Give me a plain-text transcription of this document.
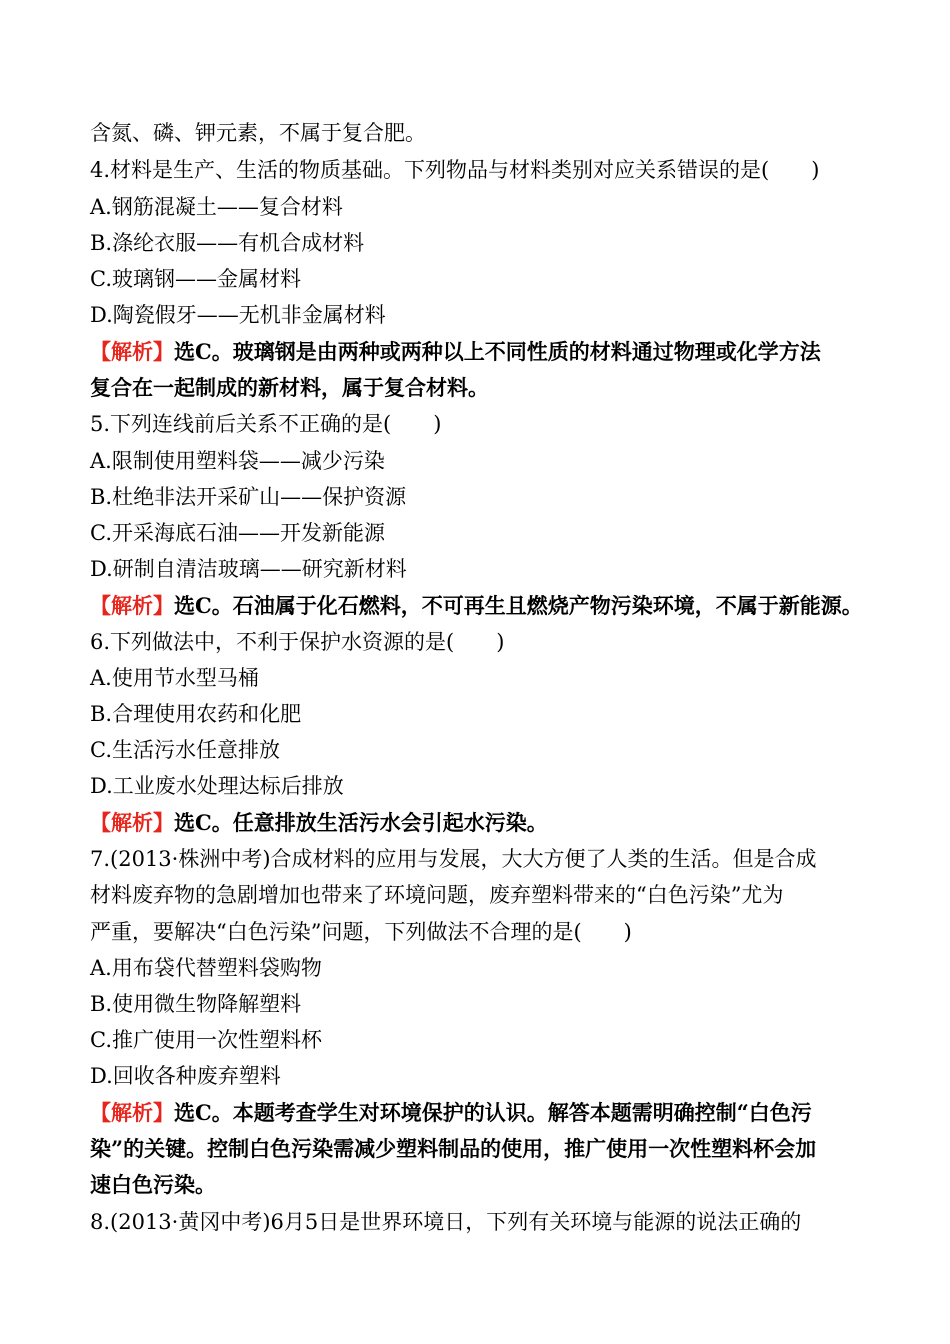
含氮、磷、钾元素，不属于复合肥。
4.材料是生产、生活的物质基础。下列物品与材料类别对应关系错误的是(　　)
A.钢筋混凝土——复合材料
B.涤纶衣服——有机合成材料
C.玻璃钢——金属材料
D.陶瓷假牙——无机非金属材料
【解析】选C。玻璃钢是由两种或两种以上不同性质的材料通过物理或化学方法
复合在一起制成的新材料，属于复合材料。
5.下列连线前后关系不正确的是(　　)
A.限制使用塑料袋——减少污染
B.杜绝非法开采矿山——保护资源
C.开采海底石油——开发新能源
D.研制自清洁玻璃——研究新材料
【解析】选C。石油属于化石燃料，不可再生且燃烧产物污染环境，不属于新能源。
6.下列做法中，不利于保护水资源的是(　　)
A.使用节水型马桶
B.合理使用农药和化肥
C.生活污水任意排放
D.工业废水处理达标后排放
【解析】选C。任意排放生活污水会引起水污染。
7.(2013·株洲中考)合成材料的应用与发展，大大方便了人类的生活。但是合成
材料废弃物的急剧增加也带来了环境问题，废弃塑料带来的“白色污染”尤为
严重，要解决“白色污染”问题，下列做法不合理的是(　　)
A.用布袋代替塑料袋购物
B.使用微生物降解塑料
C.推广使用一次性塑料杯
D.回收各种废弃塑料
【解析】选C。本题考查学生对环境保护的认识。解答本题需明确控制“白色污
染”的关键。控制白色污染需减少塑料制品的使用，推广使用一次性塑料杯会加
速白色污染。
8.(2013·黄冈中考)6月5日是世界环境日，下列有关环境与能源的说法正确的
